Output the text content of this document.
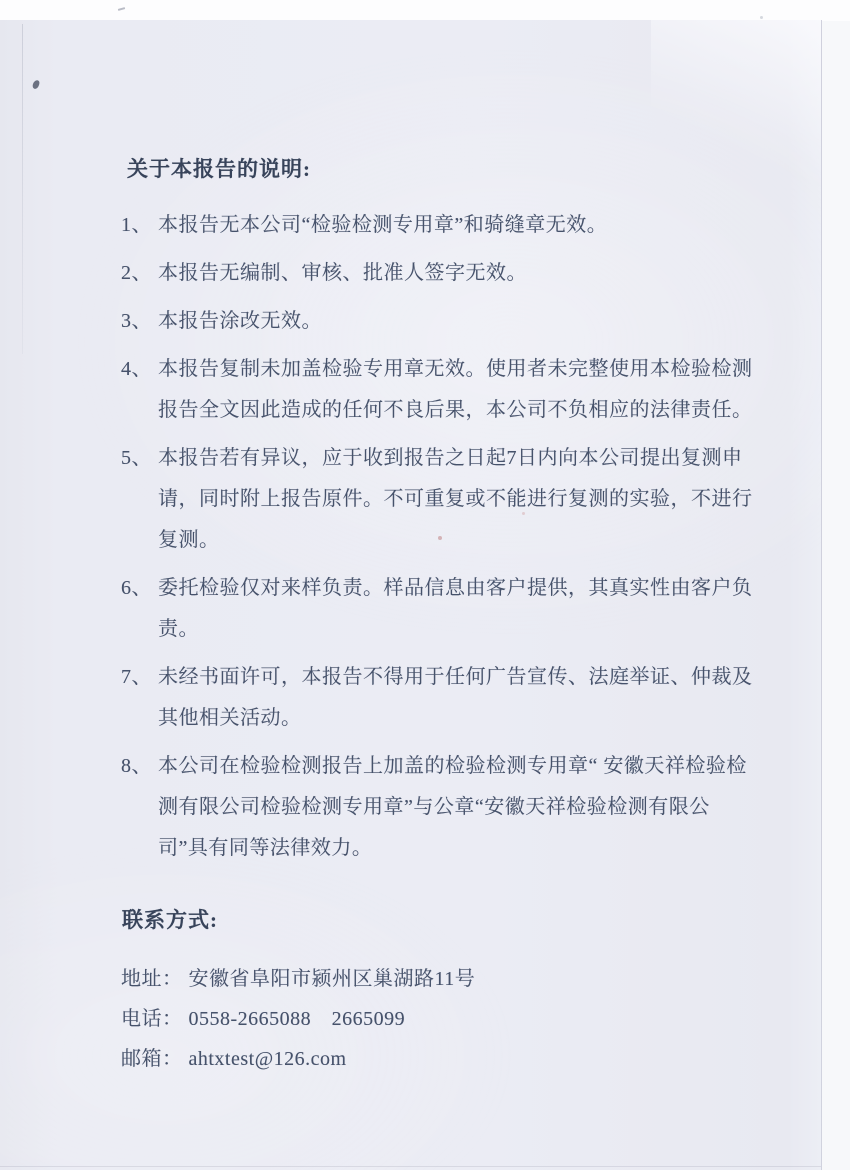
关于本报告的说明:
1、 本报告无本公司“检验检测专用章”和骑缝章无效。
2、 本报告无编制、审核、批准人签字无效。
3、 本报告涂改无效。
4、 本报告复制未加盖检验专用章无效。使用者未完整使用本检验检测
报告全文因此造成的任何不良后果，本公司不负相应的法律责任。
5、 本报告若有异议，应于收到报告之日起7日内向本公司提出复测申
请，同时附上报告原件。不可重复或不能进行复测的实验，不进行
复测。
6、 委托检验仅对来样负责。样品信息由客户提供，其真实性由客户负
责。
7、 未经书面许可，本报告不得用于任何广告宣传、法庭举证、仲裁及
其他相关活动。
8、 本公司在检验检测报告上加盖的检验检测专用章“ 安徽天祥检验检
测有限公司检验检测专用章”与公章“安徽天祥检验检测有限公
司”具有同等法律效力。
联系方式:
地址： 安徽省阜阳市颍州区巢湖路11号
电话： 0558-2665088　2665099
邮箱： ahtxtest@126.com
